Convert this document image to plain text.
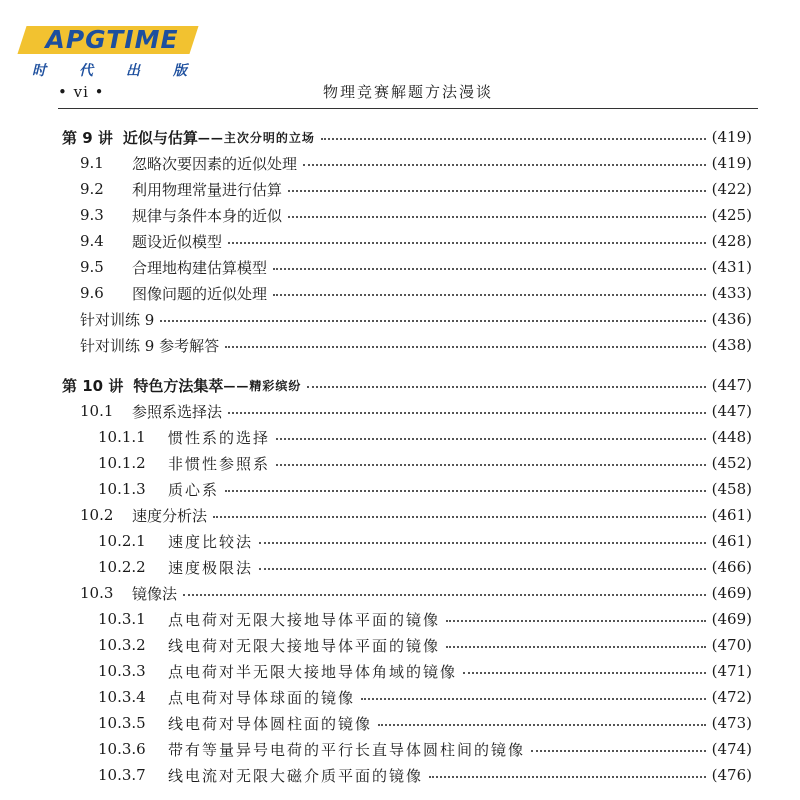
APGTIME
时 代 出 版
• vi •	物理竞赛解题方法漫谈
第 9 讲 近似与估算 ——主次分明的立场	(419)
9.1	忽略次要因素的近似处理	(419)
9.2	利用物理常量进行估算	(422)
9.3	规律与条件本身的近似	(425)
9.4	题设近似模型	(428)
9.5	合理地构建估算模型	(431)
9.6	图像问题的近似处理	(433)
针对训练 9	(436)
针对训练 9 参考解答	(438)
第 10 讲 特色方法集萃 ——精彩缤纷	(447)
10.1	参照系选择法	(447)
10.1.1	惯性系的选择	(448)
10.1.2	非惯性参照系	(452)
10.1.3	质心系	(458)
10.2	速度分析法	(461)
10.2.1	速度比较法	(461)
10.2.2	速度极限法	(466)
10.3	镜像法	(469)
10.3.1	点电荷对无限大接地导体平面的镜像	(469)
10.3.2	线电荷对无限大接地导体平面的镜像	(470)
10.3.3	点电荷对半无限大接地导体角域的镜像	(471)
10.3.4	点电荷对导体球面的镜像	(472)
10.3.5	线电荷对导体圆柱面的镜像	(473)
10.3.6	带有等量异号电荷的平行长直导体圆柱间的镜像	(474)
10.3.7	线电流对无限大磁介质平面的镜像	(476)
